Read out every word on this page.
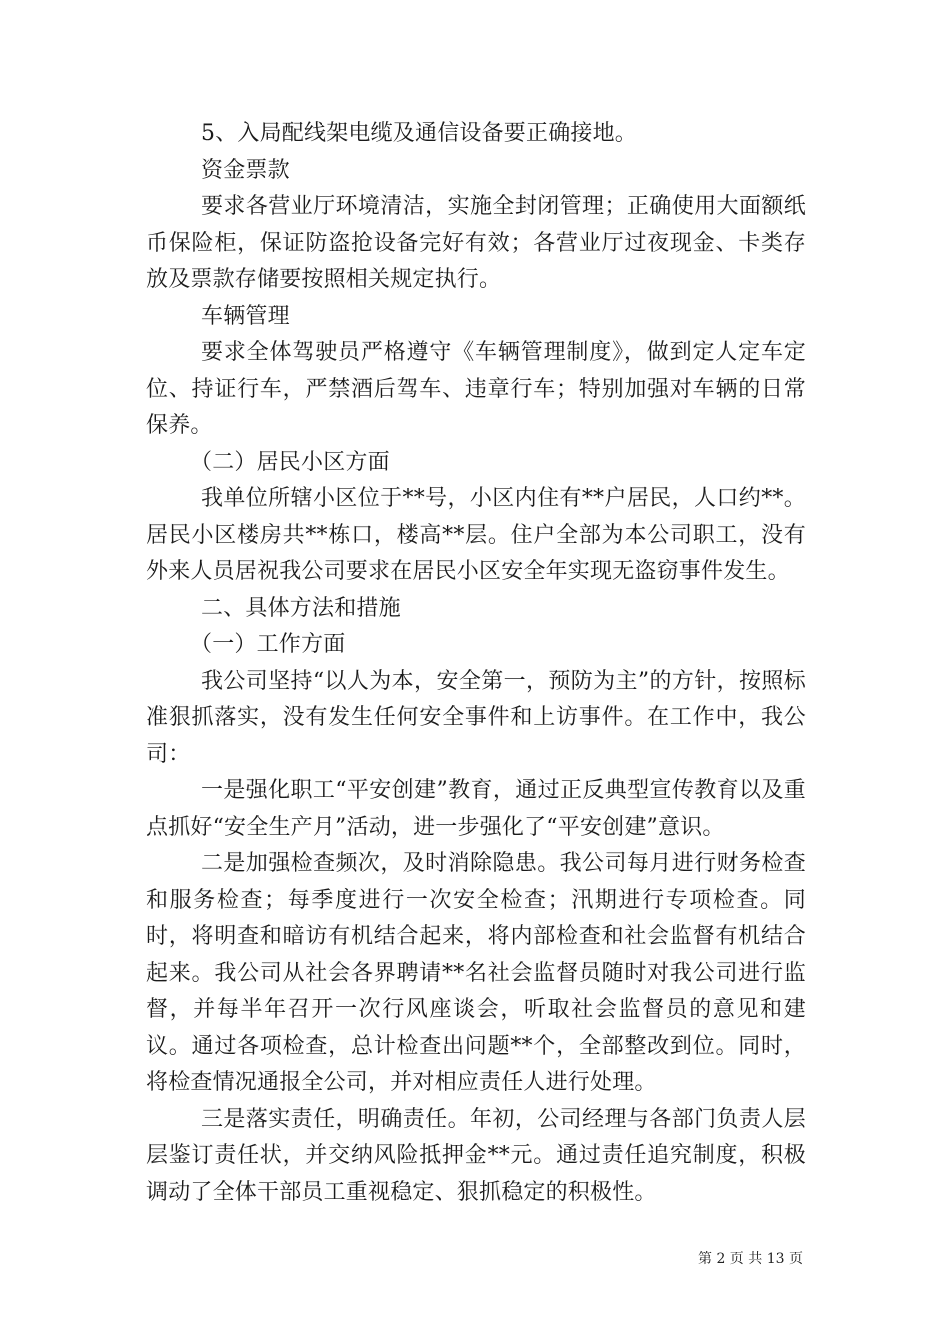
5、入局配线架电缆及通信设备要正确接地。

资金票款

要求各营业厅环境清洁，实施全封闭管理；正确使用大面额纸币保险柜，保证防盗抢设备完好有效；各营业厅过夜现金、卡类存放及票款存储要按照相关规定执行。

车辆管理

要求全体驾驶员严格遵守《车辆管理制度》，做到定人定车定位、持证行车，严禁酒后驾车、违章行车；特别加强对车辆的日常保养。

（二）居民小区方面

我单位所辖小区位于**号，小区内住有**户居民，人口约**。居民小区楼房共**栋口，楼高**层。住户全部为本公司职工，没有外来人员居祝我公司要求在居民小区安全年实现无盗窃事件发生。

二、具体方法和措施

（一）工作方面

我公司坚持“以人为本，安全第一，预防为主”的方针，按照标准狠抓落实，没有发生任何安全事件和上访事件。在工作中，我公司：

一是强化职工“平安创建”教育，通过正反典型宣传教育以及重点抓好“安全生产月”活动，进一步强化了“平安创建”意识。

二是加强检查频次，及时消除隐患。我公司每月进行财务检查和服务检查；每季度进行一次安全检查；汛期进行专项检查。同时，将明查和暗访有机结合起来，将内部检查和社会监督有机结合起来。我公司从社会各界聘请**名社会监督员随时对我公司进行监督，并每半年召开一次行风座谈会，听取社会监督员的意见和建议。通过各项检查，总计检查出问题**个，全部整改到位。同时，将检查情况通报全公司，并对相应责任人进行处理。

三是落实责任，明确责任。年初，公司经理与各部门负责人层层鉴订责任状，并交纳风险抵押金**元。通过责任追究制度，积极调动了全体干部员工重视稳定、狠抓稳定的积极性。

第 2 页 共 13 页
